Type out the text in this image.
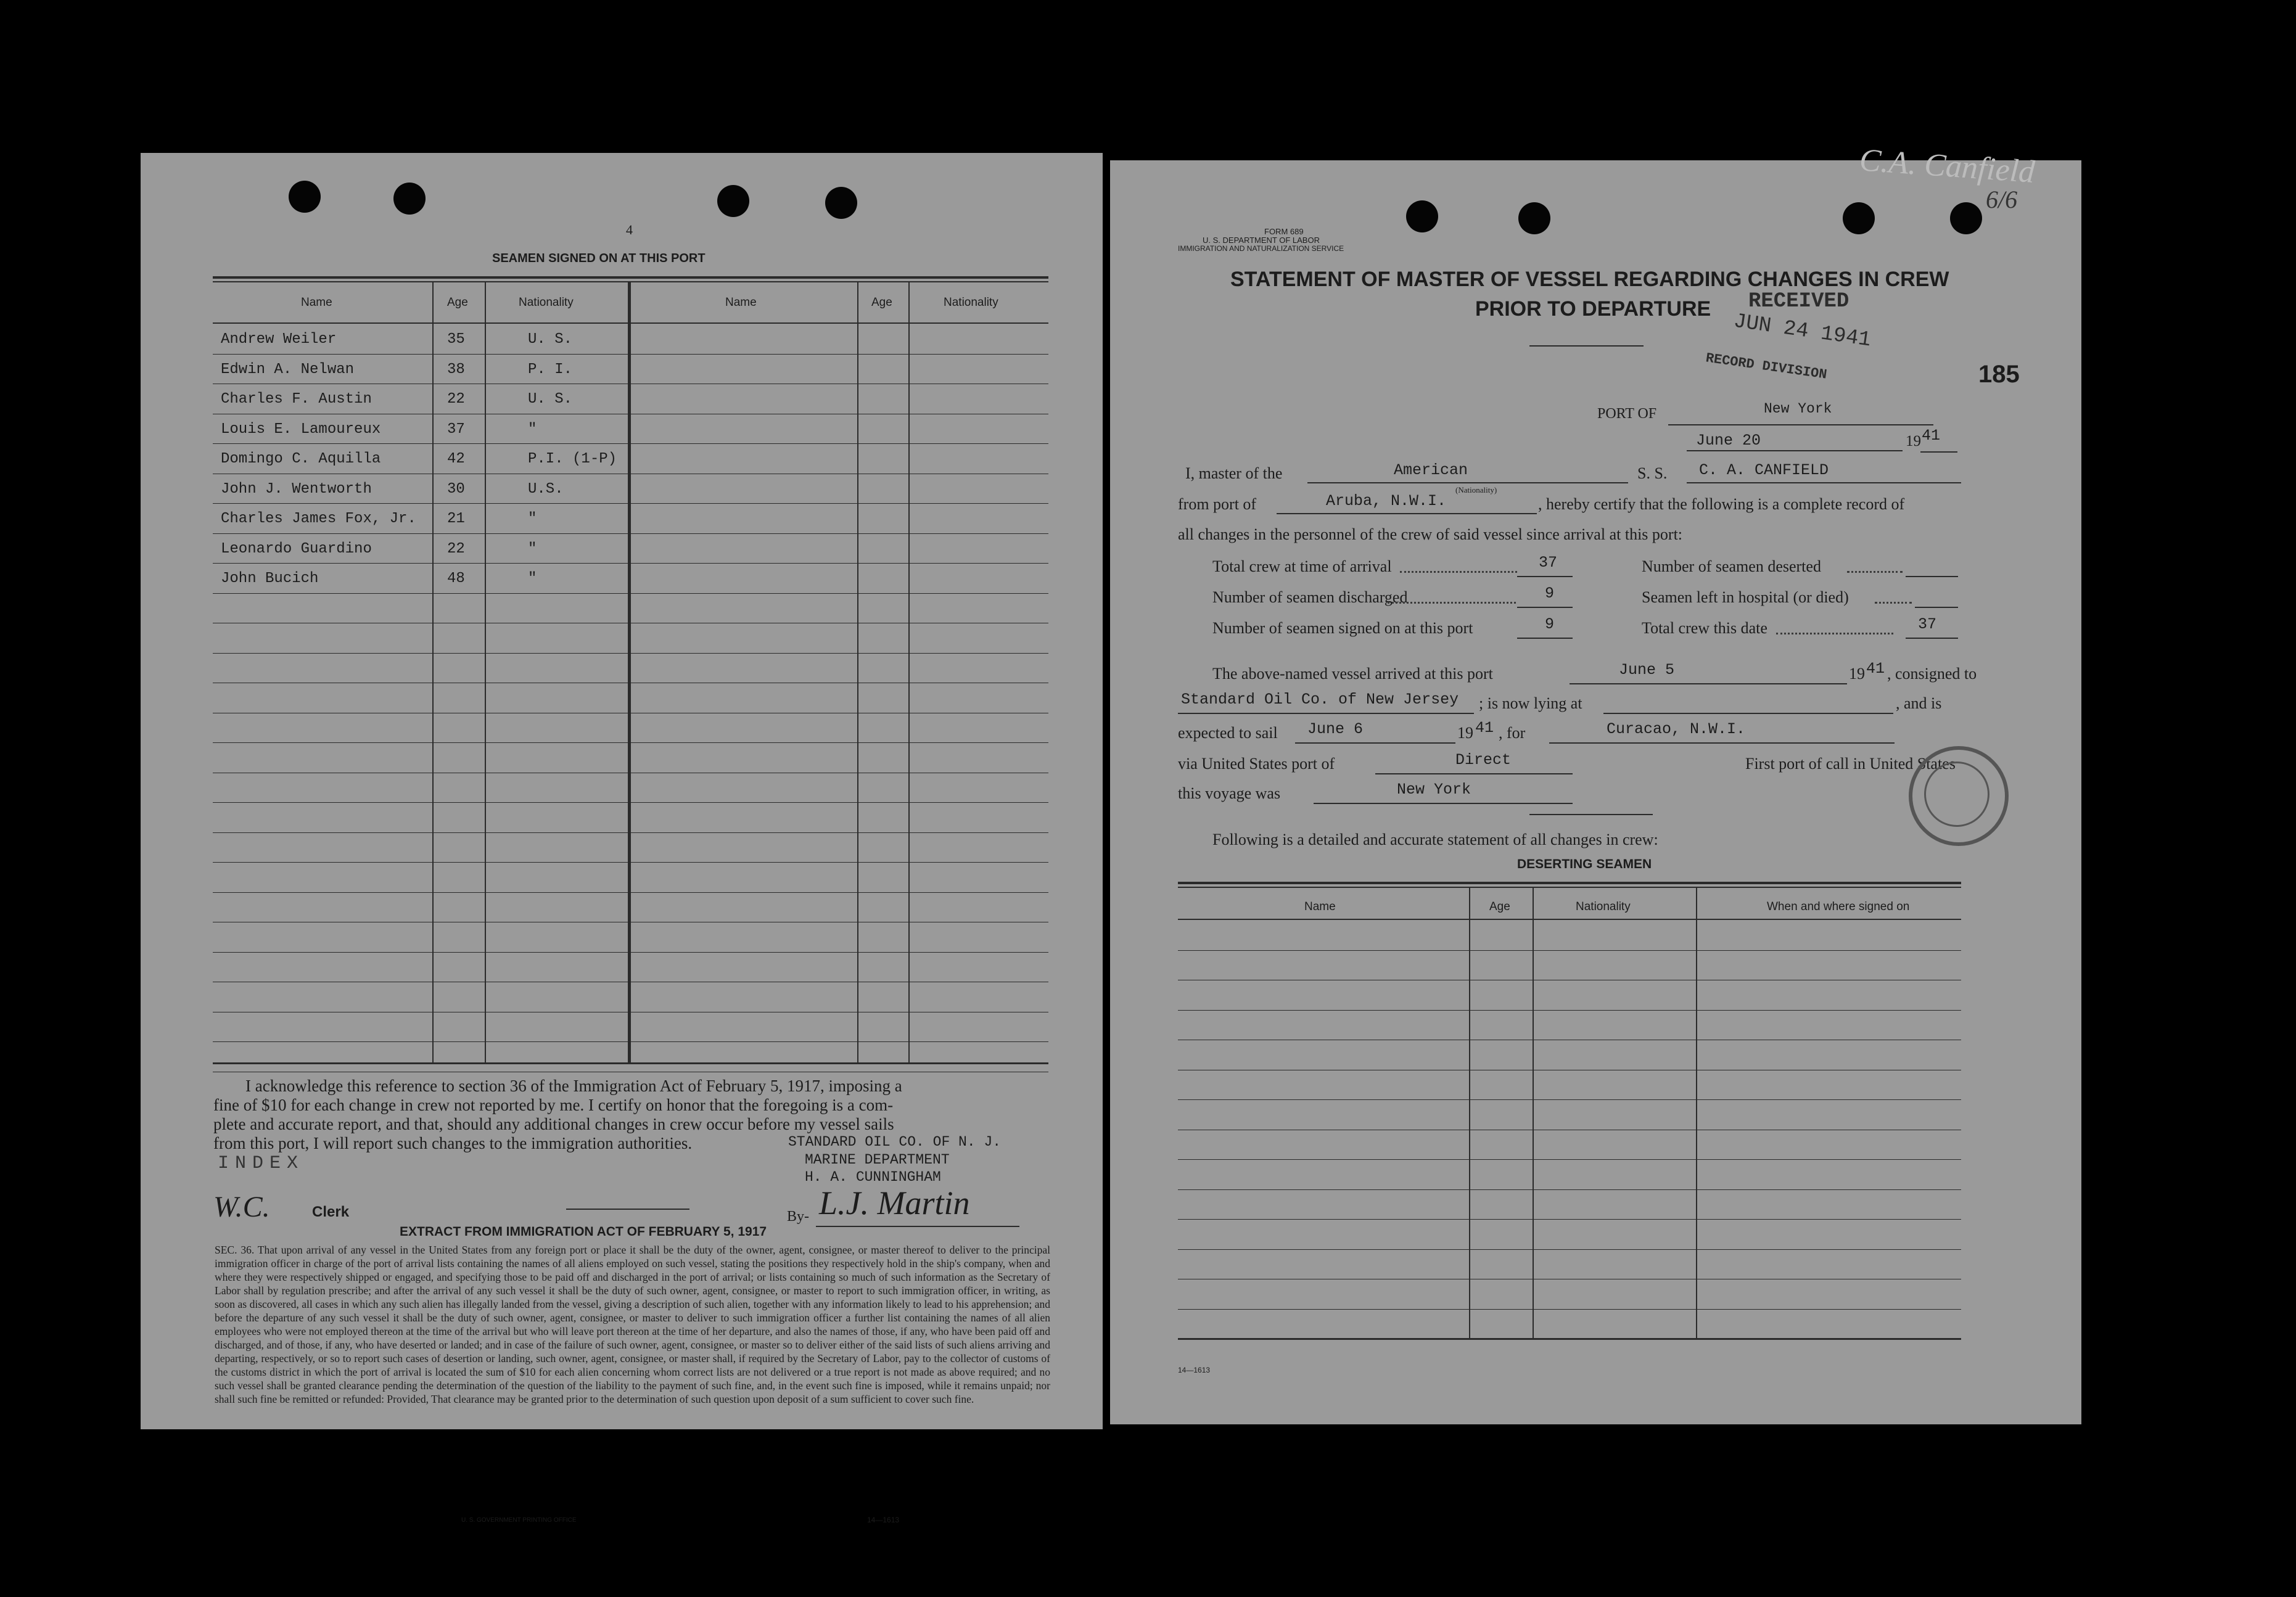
4
SEAMEN SIGNED ON AT THIS PORT
Name	Age	Nationality	Name	Age	Nationality
Andrew Weiler	35	U. S.
Edwin A. Nelwan	38	P. I.
Charles F. Austin	22	U. S.
Louis E. Lamoureux	37	"
Domingo C. Aquilla	42	P.I. (1-P)
John J. Wentworth	30	U.S.
Charles James Fox, Jr. 21	"
Leonardo Guardino	22	"
John Bucich	48	"
I acknowledge this reference to section 36 of the Immigration Act of February 5, 1917, imposing a
fine of $10 for each change in crew not reported by me. I certify on honor that the foregoing is a com-
plete and accurate report, and that, should any additional changes in crew occur before my vessel sails
from this port, I will report such changes to the immigration authorities.	STANDARD OIL CO. OF N. J.
MARINE DEPARTMENT
H. A. CUNNINGHAM
INDEX
W.C.	Clerk	By- L.J. Martin
EXTRACT FROM IMMIGRATION ACT OF FEBRUARY 5, 1917
SEC. 36. That upon arrival of any vessel in the United States from any foreign port or place it shall be the duty of the owner, agent, consignee, or master thereof to deliver to the principal immigration officer in charge of the port of arrival lists containing the names of all aliens employed on such vessel, stating the positions they respectively hold in the ship's company, when and where they were respectively shipped or engaged, and specifying those to be paid off and discharged in the port of arrival; or lists containing so much of such information as the Secretary of Labor shall by regulation prescribe; and after the arrival of any such vessel it shall be the duty of such owner, agent, consignee, or master to report to such immigration officer, in writing, as soon as discovered, all cases in which any such alien has illegally landed from the vessel, giving a description of such alien, together with any information likely to lead to his apprehension; and before the departure of any such vessel it shall be the duty of such owner, agent, consignee, or master to deliver to such immigration officer a further list containing the names of all alien employees who were not employed thereon at the time of the arrival but who will leave port thereon at the time of her departure, and also the names of those, if any, who have been paid off and discharged, and of those, if any, who have deserted or landed; and in case of the failure of such owner, agent, consignee, or master so to deliver either of the said lists of such aliens arriving and departing, respectively, or so to report such cases of desertion or landing, such owner, agent, consignee, or master shall, if required by the Secretary of Labor, pay to the collector of customs of the customs district in which the port of arrival is located the sum of $10 for each alien concerning whom correct lists are not delivered or a true report is not made as above required; and no such vessel shall be granted clearance pending the determination of the question of the liability to the payment of such fine, and, in the event such fine is imposed, while it remains unpaid; nor shall such fine be remitted or refunded: Provided, That clearance may be granted prior to the determination of such question upon deposit of a sum sufficient to cover such fine.
U. S. GOVERNMENT PRINTING OFFICE	14—1613
FORM 689
U. S. DEPARTMENT OF LABOR
IMMIGRATION AND NATURALIZATION SERVICE
STATEMENT OF MASTER OF VESSEL REGARDING CHANGES IN CREW
PRIOR TO DEPARTURE RECEIVED
JUN 24 1941
RECORD DIVISION	185
PORT OF	New York
June 20	19 41
I, master of the	American
(Nationality)
S. S. C. A. CANFIELD
from port of	Aruba, N.W.I.	, hereby certify that the following is a complete record of
all changes in the personnel of the crew of said vessel since arrival at this port:
Total crew at time of arrival	37	Number of seamen deserted
Number of seamen discharged	9	Seamen left in hospital (or died)
Number of seamen signed on at this port	9	Total crew this date	37
The above-named vessel arrived at this port	June 5	19 41 , consigned to
Standard Oil Co. of New Jersey ; is now lying at	, and is
expected to sail June 6	19 41 , for	Curacao, N.W.I.
via United States port of	Direct	First port of call in United States
this voyage was	New York
Following is a detailed and accurate statement of all changes in crew:
DESERTING SEAMEN
Name	Age	Nationality	When and where signed on
14—1613
C.A. Canfield
6/6
